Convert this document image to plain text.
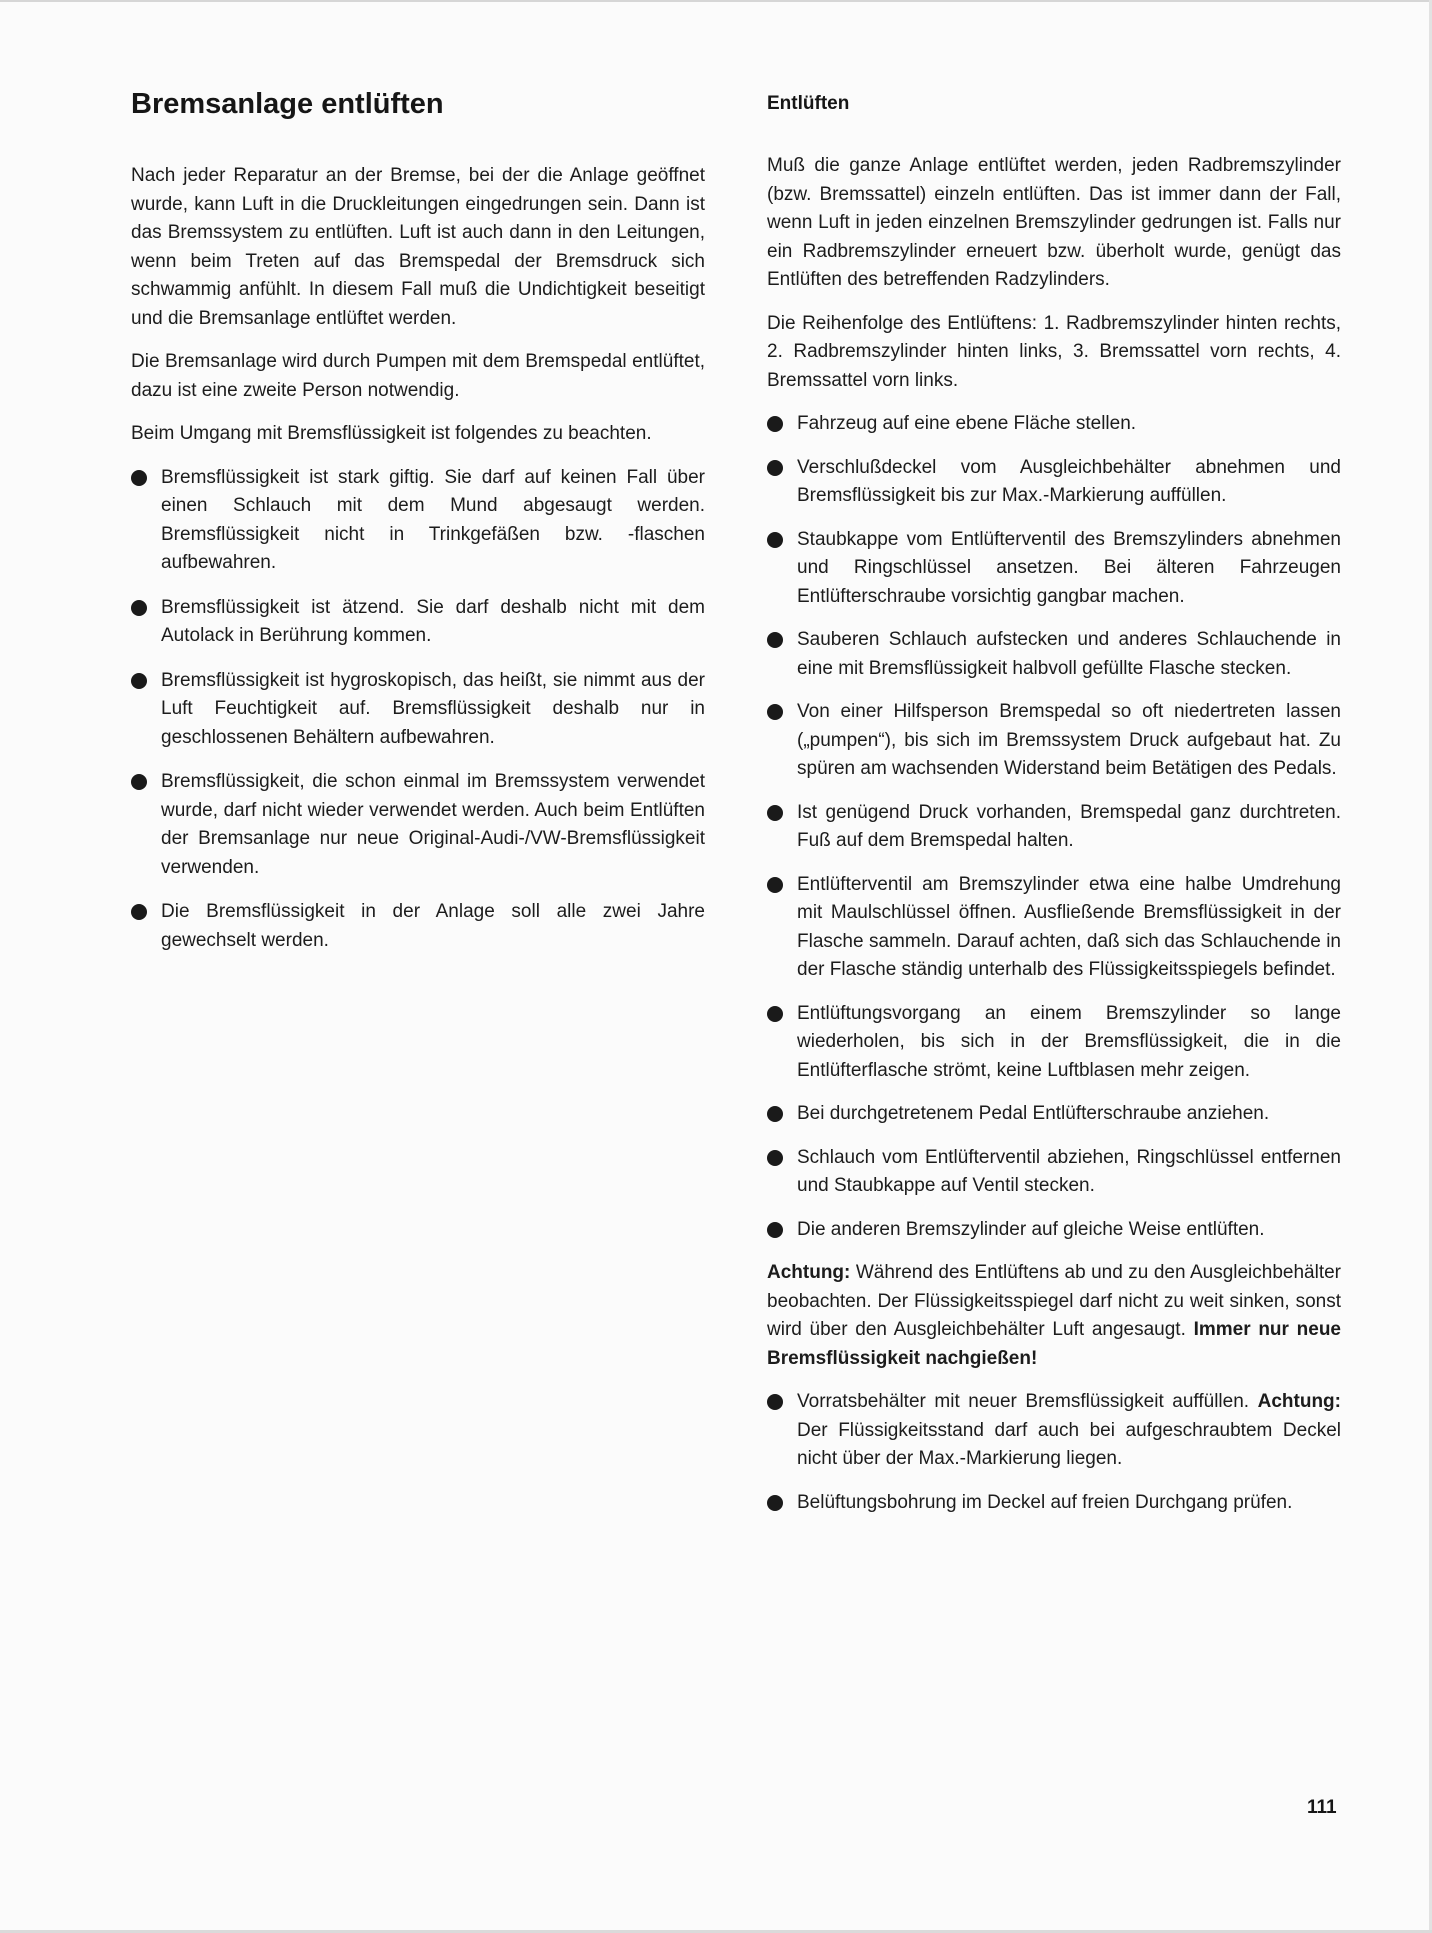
Bremsanlage entlüften

Nach jeder Reparatur an der Bremse, bei der die Anlage geöffnet wurde, kann Luft in die Druckleitungen eingedrungen sein. Dann ist das Bremssystem zu entlüften. Luft ist auch dann in den Leitungen, wenn beim Treten auf das Bremspedal der Bremsdruck sich schwammig anfühlt. In diesem Fall muß die Undichtigkeit beseitigt und die Bremsanlage entlüftet werden.

Die Bremsanlage wird durch Pumpen mit dem Bremspedal entlüftet, dazu ist eine zweite Person notwendig.

Beim Umgang mit Bremsflüssigkeit ist folgendes zu beachten.

Bremsflüssigkeit ist stark giftig. Sie darf auf keinen Fall über einen Schlauch mit dem Mund abgesaugt werden. Bremsflüssigkeit nicht in Trinkgefäßen bzw. -flaschen aufbewahren.
Bremsflüssigkeit ist ätzend. Sie darf deshalb nicht mit dem Autolack in Berührung kommen.
Bremsflüssigkeit ist hygroskopisch, das heißt, sie nimmt aus der Luft Feuchtigkeit auf. Bremsflüssigkeit deshalb nur in geschlossenen Behältern aufbewahren.
Bremsflüssigkeit, die schon einmal im Bremssystem verwendet wurde, darf nicht wieder verwendet werden. Auch beim Entlüften der Bremsanlage nur neue Original-Audi-/VW-Bremsflüssigkeit verwenden.
Die Bremsflüssigkeit in der Anlage soll alle zwei Jahre gewechselt werden.
Entlüften

Muß die ganze Anlage entlüftet werden, jeden Radbremszylinder (bzw. Bremssattel) einzeln entlüften. Das ist immer dann der Fall, wenn Luft in jeden einzelnen Bremszylinder gedrungen ist. Falls nur ein Radbremszylinder erneuert bzw. überholt wurde, genügt das Entlüften des betreffenden Radzylinders.

Die Reihenfolge des Entlüftens: 1. Radbremszylinder hinten rechts, 2. Radbremszylinder hinten links, 3. Bremssattel vorn rechts, 4. Bremssattel vorn links.

Fahrzeug auf eine ebene Fläche stellen.
Verschlußdeckel vom Ausgleichbehälter abnehmen und Bremsflüssigkeit bis zur Max.-Markierung auffüllen.
Staubkappe vom Entlüfterventil des Bremszylinders abnehmen und Ringschlüssel ansetzen. Bei älteren Fahrzeugen Entlüfterschraube vorsichtig gangbar machen.
Sauberen Schlauch aufstecken und anderes Schlauchende in eine mit Bremsflüssigkeit halbvoll gefüllte Flasche stecken.
Von einer Hilfsperson Bremspedal so oft niedertreten lassen („pumpen“), bis sich im Bremssystem Druck aufgebaut hat. Zu spüren am wachsenden Widerstand beim Betätigen des Pedals.
Ist genügend Druck vorhanden, Bremspedal ganz durchtreten. Fuß auf dem Bremspedal halten.
Entlüfterventil am Bremszylinder etwa eine halbe Umdrehung mit Maulschlüssel öffnen. Ausfließende Bremsflüssigkeit in der Flasche sammeln. Darauf achten, daß sich das Schlauchende in der Flasche ständig unterhalb des Flüssigkeitsspiegels befindet.
Entlüftungsvorgang an einem Bremszylinder so lange wiederholen, bis sich in der Bremsflüssigkeit, die in die Entlüfterflasche strömt, keine Luftblasen mehr zeigen.
Bei durchgetretenem Pedal Entlüfterschraube anziehen.
Schlauch vom Entlüfterventil abziehen, Ringschlüssel entfernen und Staubkappe auf Ventil stecken.
Die anderen Bremszylinder auf gleiche Weise entlüften.

Achtung: Während des Entlüftens ab und zu den Ausgleichbehälter beobachten. Der Flüssigkeitsspiegel darf nicht zu weit sinken, sonst wird über den Ausgleichbehälter Luft angesaugt. Immer nur neue Bremsflüssigkeit nachgießen!

Vorratsbehälter mit neuer Bremsflüssigkeit auffüllen. Achtung: Der Flüssigkeitsstand darf auch bei aufgeschraubtem Deckel nicht über der Max.-Markierung liegen.
Belüftungsbohrung im Deckel auf freien Durchgang prüfen.
111
